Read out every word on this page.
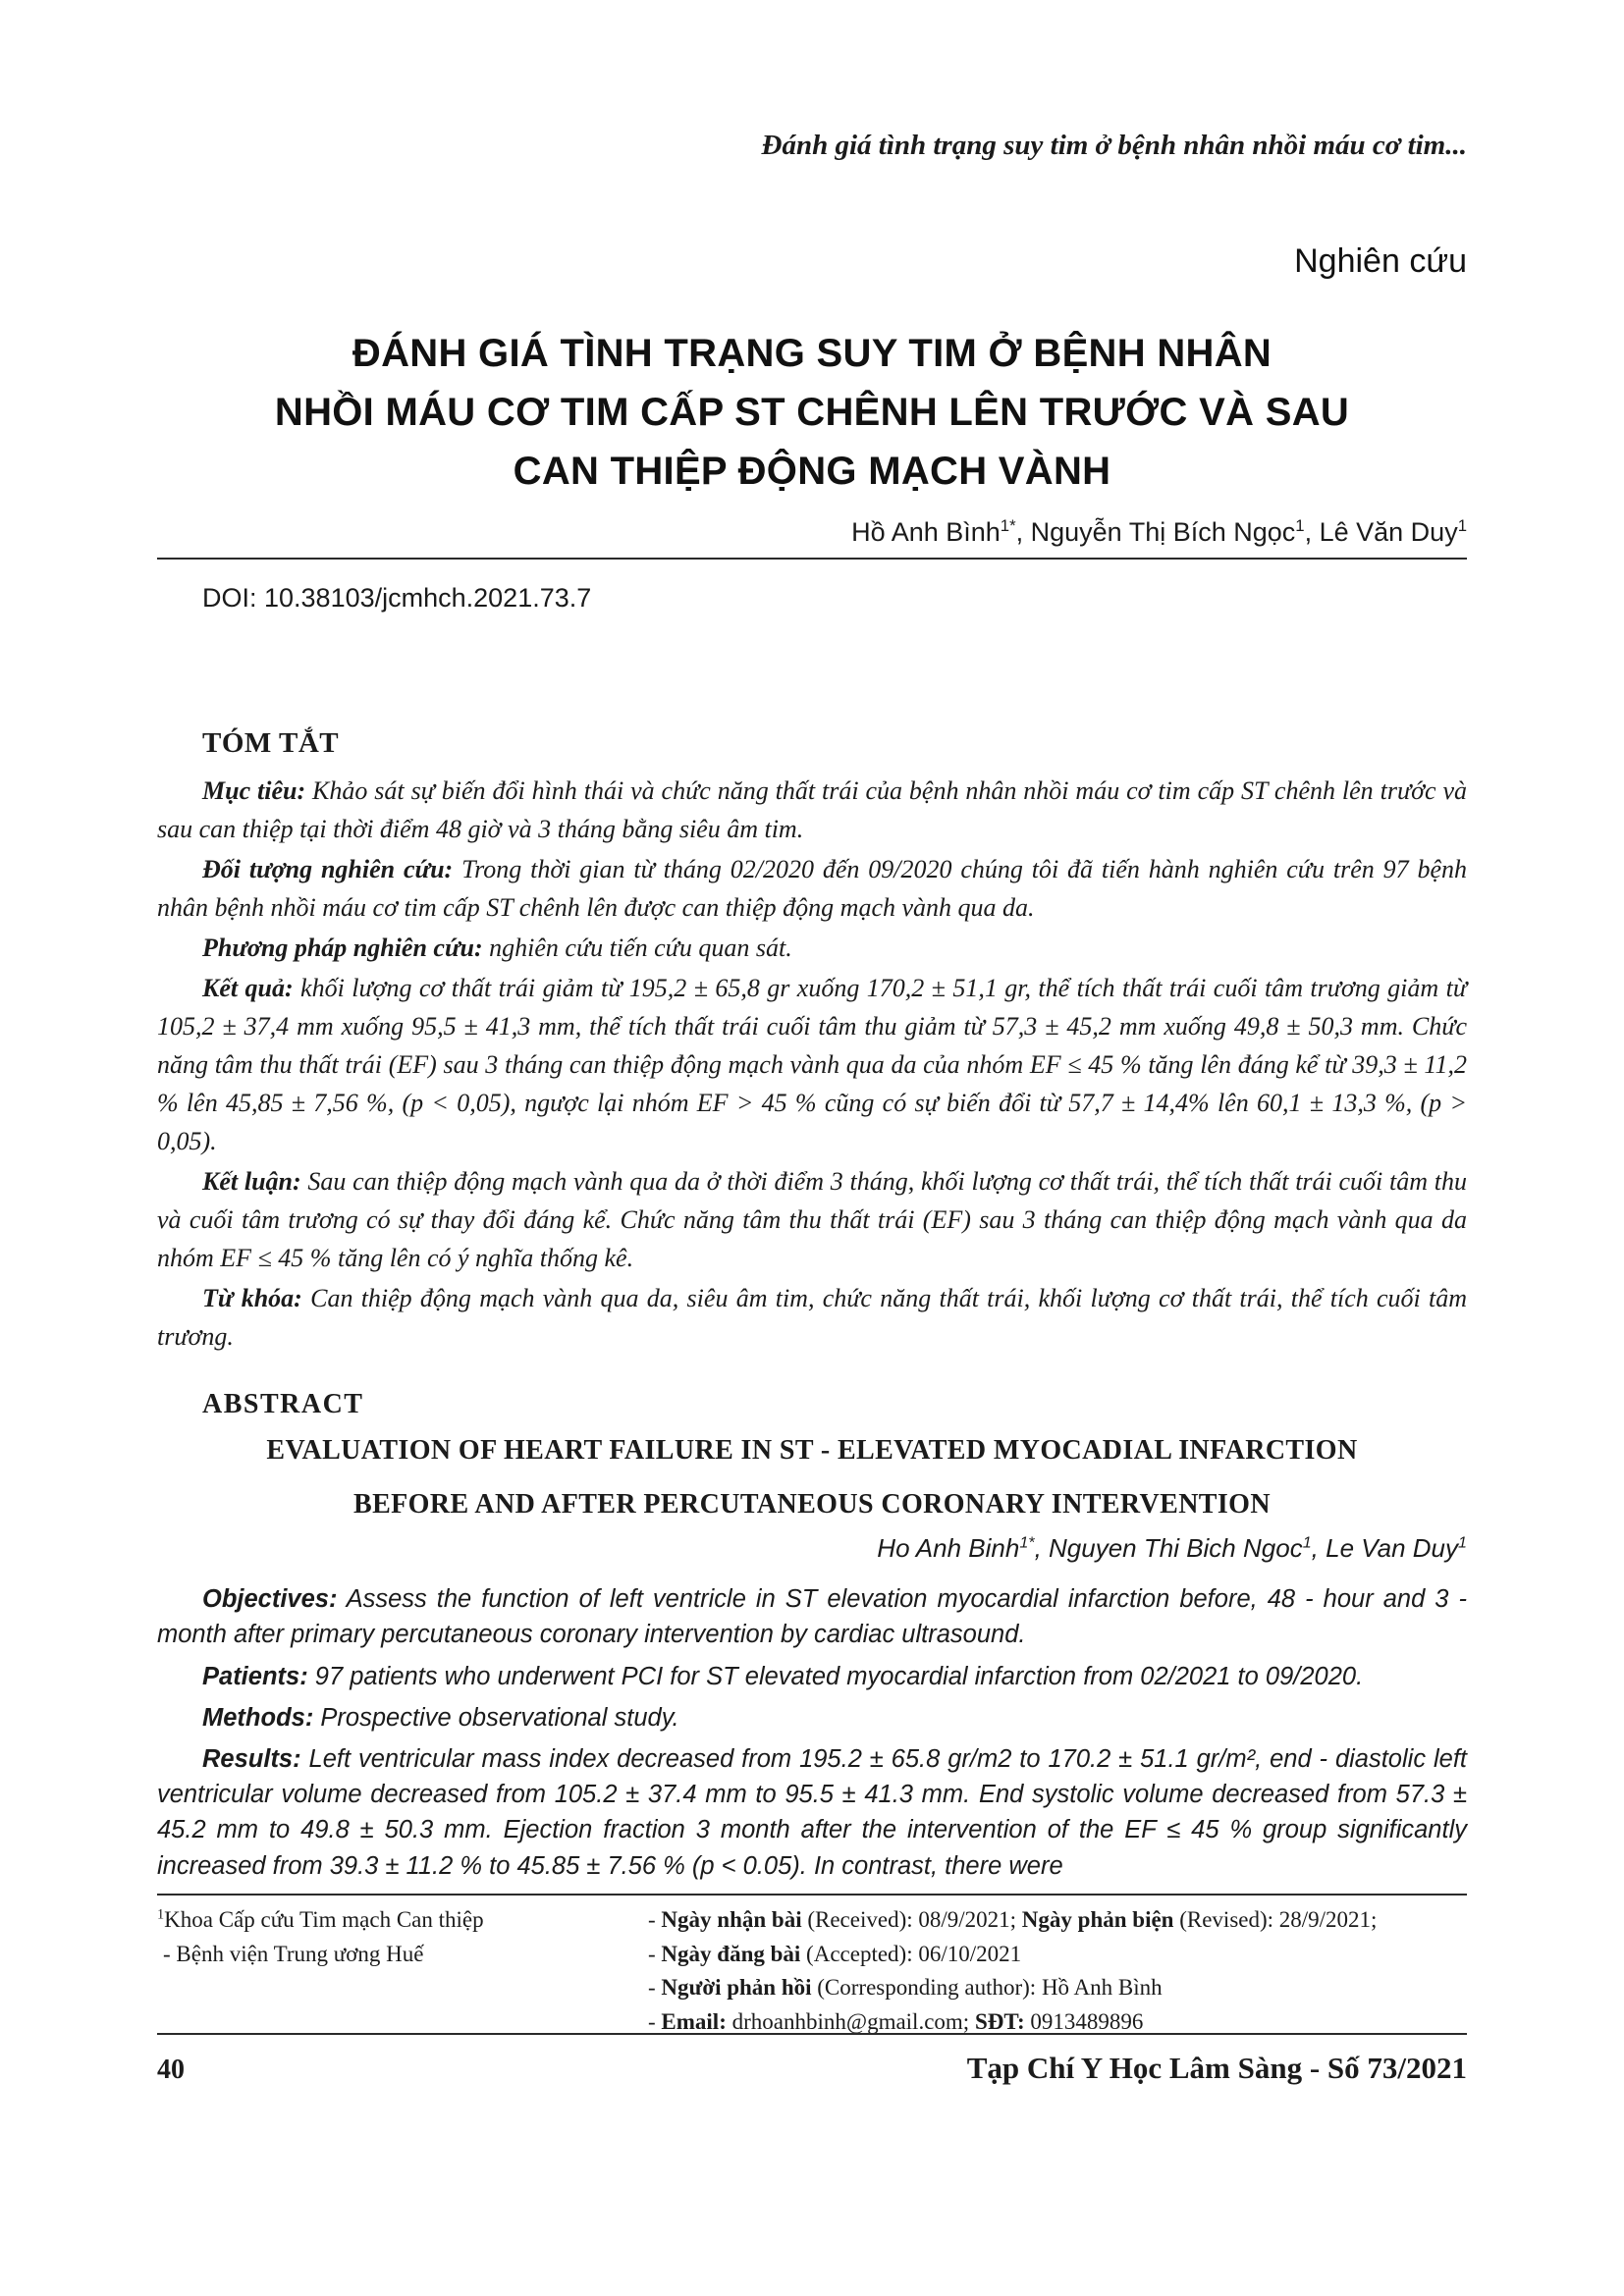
Đánh giá tình trạng suy tim ở bệnh nhân nhồi máu cơ tim...
Nghiên cứu
ĐÁNH GIÁ TÌNH TRẠNG SUY TIM Ở BỆNH NHÂN
NHỒI MÁU CƠ TIM CẤP ST CHÊNH LÊN TRƯỚC VÀ SAU
CAN THIỆP ĐỘNG MẠCH VÀNH
Hồ Anh Bình$^{1*}$, Nguyễn Thị Bích Ngọc$^1$, Lê Văn Duy$^1$
DOI: 10.38103/jcmhch.2021.73.7
TÓM TẮT

Mục tiêu: Khảo sát sự biến đổi hình thái và chức năng thất trái của bệnh nhân nhồi máu cơ tim cấp ST chênh lên trước và sau can thiệp tại thời điểm 48 giờ và 3 tháng bằng siêu âm tim.

Đối tượng nghiên cứu: Trong thời gian từ tháng 02/2020 đến 09/2020 chúng tôi đã tiến hành nghiên cứu trên 97 bệnh nhân bệnh nhồi máu cơ tim cấp ST chênh lên được can thiệp động mạch vành qua da.

Phương pháp nghiên cứu: nghiên cứu tiến cứu quan sát.

Kết quả: khối lượng cơ thất trái giảm từ 195,2 ± 65,8 gr xuống 170,2 ± 51,1 gr, thể tích thất trái cuối tâm trương giảm từ 105,2 ± 37,4 mm xuống 95,5 ± 41,3 mm, thể tích thất trái cuối tâm thu giảm từ 57,3 ± 45,2 mm xuống 49,8 ± 50,3 mm. Chức năng tâm thu thất trái (EF) sau 3 tháng can thiệp động mạch vành qua da của nhóm EF ≤ 45 % tăng lên đáng kể từ 39,3 ± 11,2 % lên 45,85 ± 7,56 %, (p < 0,05), ngược lại nhóm EF > 45 % cũng có sự biến đổi từ 57,7 ± 14,4% lên 60,1 ± 13,3 %, (p > 0,05).

Kết luận: Sau can thiệp động mạch vành qua da ở thời điểm 3 tháng, khối lượng cơ thất trái, thể tích thất trái cuối tâm thu và cuối tâm trương có sự thay đổi đáng kể. Chức năng tâm thu thất trái (EF) sau 3 tháng can thiệp động mạch vành qua da nhóm EF ≤ 45 % tăng lên có ý nghĩa thống kê.

Từ khóa: Can thiệp động mạch vành qua da, siêu âm tim, chức năng thất trái, khối lượng cơ thất trái, thể tích cuối tâm trương.

ABSTRACT
EVALUATION OF HEART FAILURE IN ST - ELEVATED MYOCADIAL INFARCTION
BEFORE AND AFTER PERCUTANEOUS CORONARY INTERVENTION
Ho Anh Binh$^{1*}$, Nguyen Thi Bich Ngoc$^1$, Le Van Duy$^1$

Objectives: Assess the function of left ventricle in ST elevation myocardial infarction before, 48 - hour and 3 - month after primary percutaneous coronary intervention by cardiac ultrasound.

Patients: 97 patients who underwent PCI for ST elevated myocardial infarction from 02/2021 to 09/2020.

Methods: Prospective observational study.

Results: Left ventricular mass index decreased from 195.2 ± 65.8 gr/m2 to 170.2 ± 51.1 gr/m², end - diastolic left ventricular volume decreased from 105.2 ± 37.4 mm to 95.5 ± 41.3 mm. End systolic volume decreased from 57.3 ± 45.2 mm to 49.8 ± 50.3 mm. Ejection fraction 3 month after the intervention of the EF ≤ 45 % group significantly increased from 39.3 ± 11.2 % to 45.85 ± 7.56 % (p < 0.05). In contrast, there were

$^1$Khoa Cấp cứu Tim mạch Can thiệp
- Bệnh viện Trung ương Huế
- Ngày nhận bài (Received): 08/9/2021; Ngày phản biện (Revised): 28/9/2021;
- Ngày đăng bài (Accepted): 06/10/2021
- Người phản hồi (Corresponding author): Hồ Anh Bình
- Email: drhoanhbinh@gmail.com; SĐT: 0913489896
40	Tạp Chí Y Học Lâm Sàng - Số 73/2021
